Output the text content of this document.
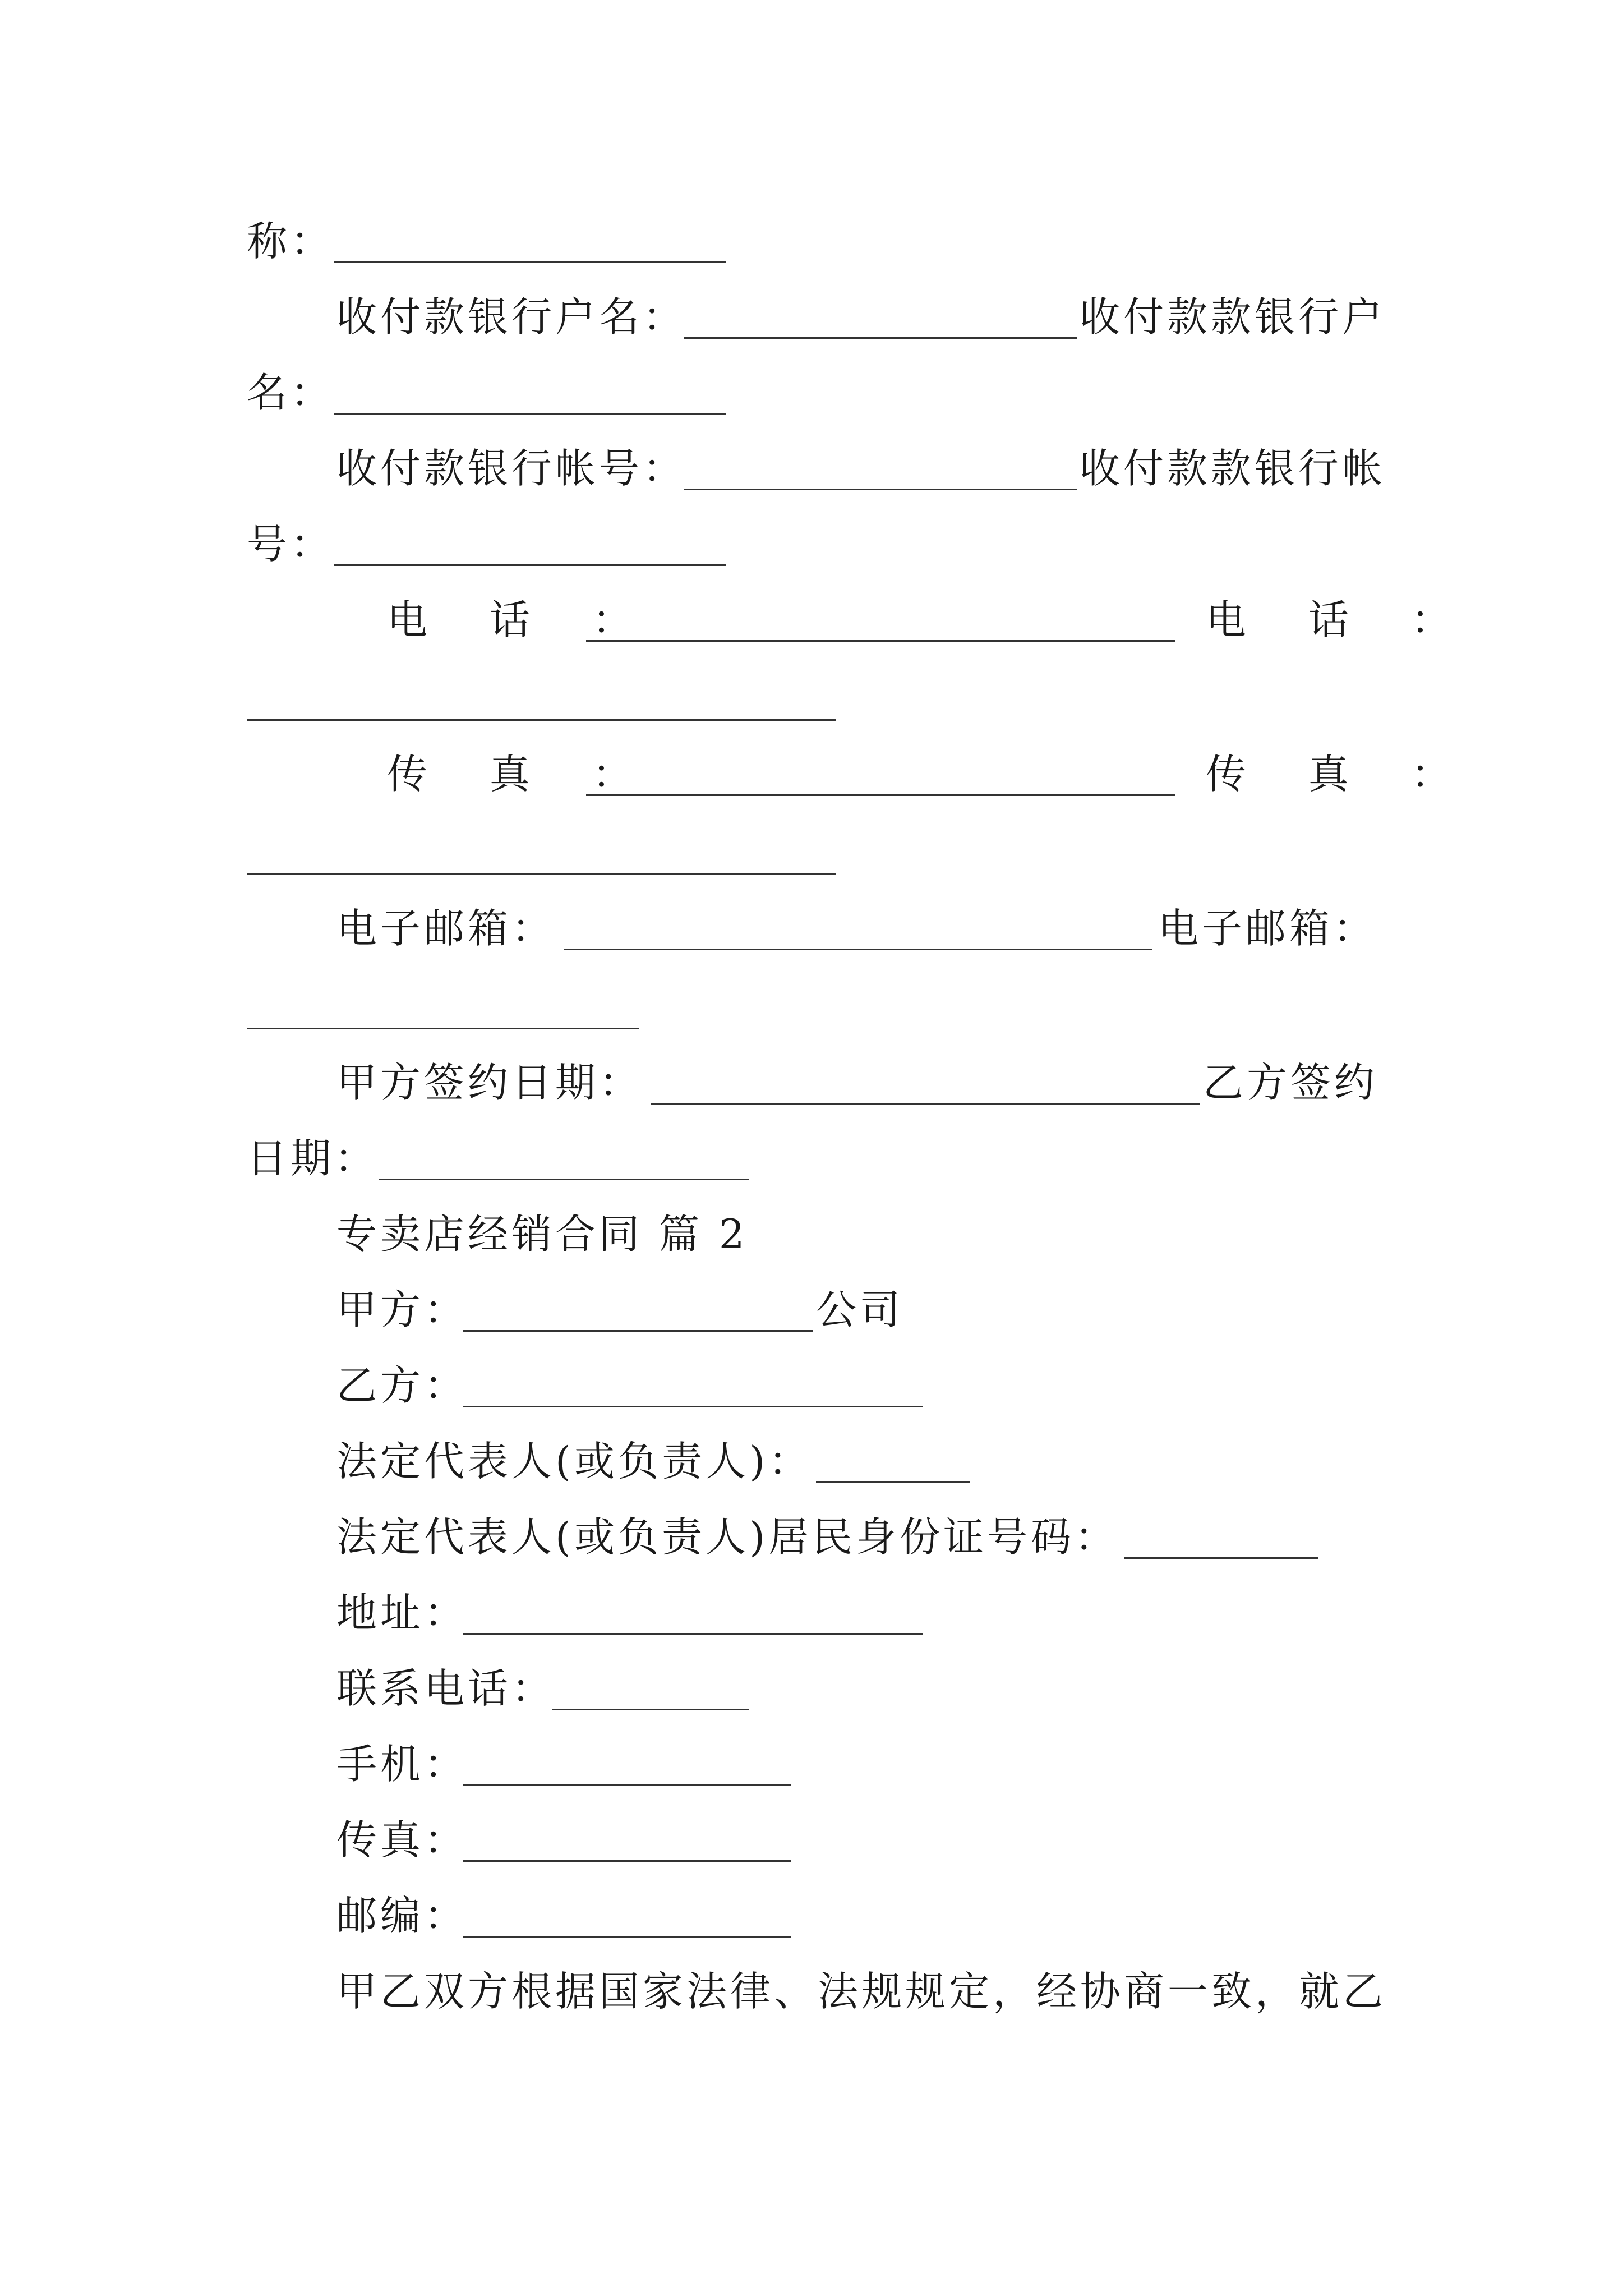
称：
收付款银行户名：	收付款款银行户
名：
收付款银行帐号：	收付款款银行帐
号：
电 话 ：	电 话 ：
传 真 ：	传 真 ：
电子邮箱：	电子邮箱：
甲方签约日期：	乙方签约
日期：
专卖店经销合同 篇 2
甲方：	公司
乙方：
法定代表人(或负责人)：
法定代表人(或负责人)居民身份证号码：
地址：
联系电话：
手机：
传真：
邮编：
甲乙双方根据国家法律、法规规定，经协商一致，就乙
